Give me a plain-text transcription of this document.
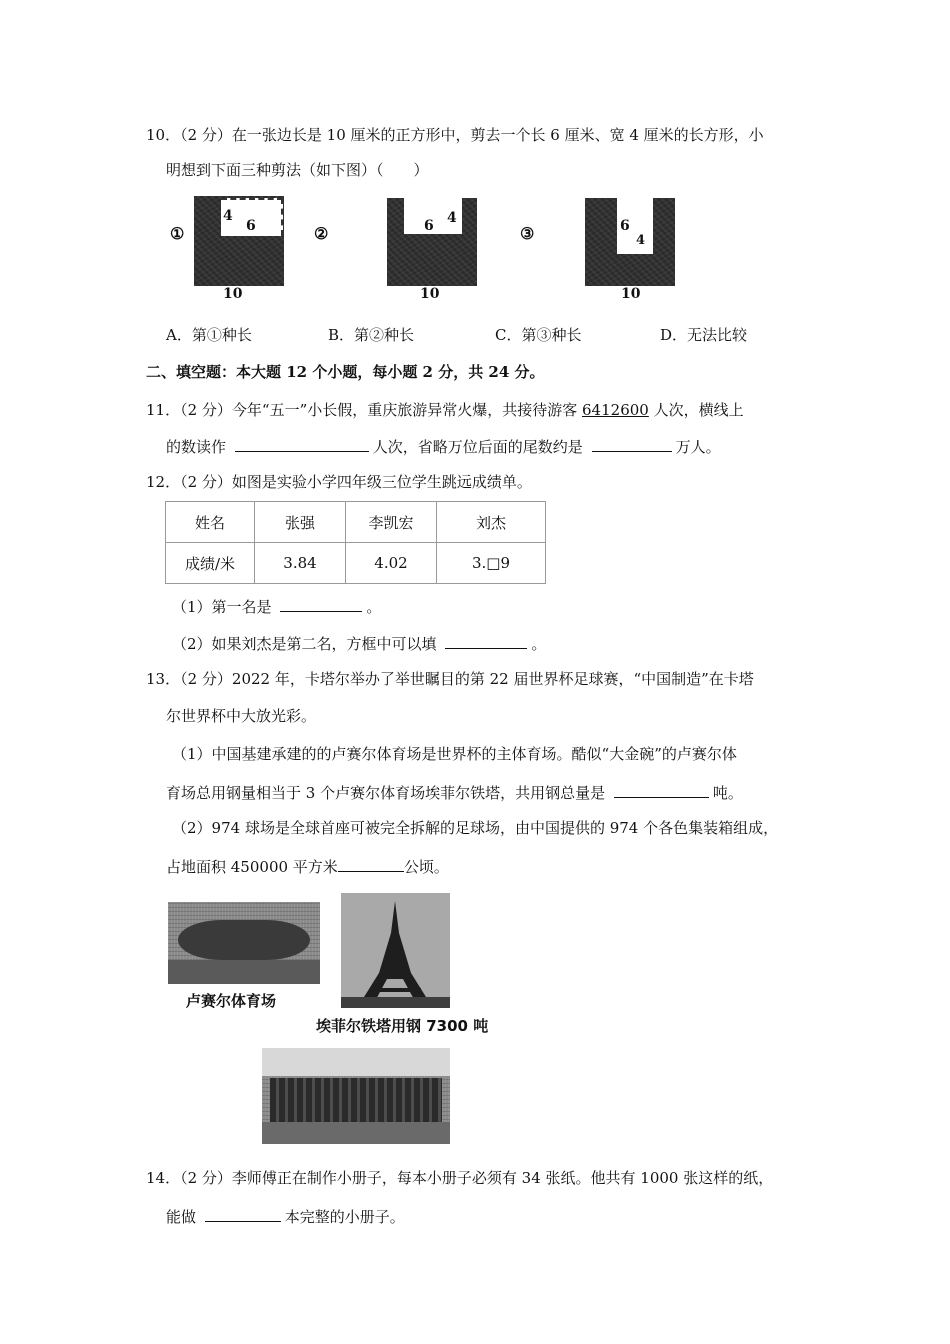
10．（2 分）在一张边长是 10 厘米的正方形中，剪去一个长 6 厘米、宽 4 厘米的长方形，小
明想到下面三种剪法（如下图）（　　）
①
4
6
10
②	6 4
10
③	6
4
10
A．第①种长	B．第②种长	C．第③种长	D．无法比较
二、填空题：本大题 12 个小题，每小题 2 分，共 24 分。
11．（2 分）今年“五一”小长假，重庆旅游异常火爆，共接待游客 6412600 人次，横线上
的数读作	人次，省略万位后面的尾数约是	万人。
12．（2 分）如图是实验小学四年级三位学生跳远成绩单。
姓名	张强	李凯宏	刘杰
成绩/米	3.84	4.02	3.□9
（1）第一名是	。
（2）如果刘杰是第二名，方框中可以填	。
13．（2 分）2022 年，卡塔尔举办了举世瞩目的第 22 届世界杯足球赛，“中国制造”在卡塔
尔世界杯中大放光彩。
（1）中国基建承建的的卢赛尔体育场是世界杯的主体育场。酷似“大金碗”的卢赛尔体
育场总用钢量相当于 3 个卢赛尔体育场埃菲尔铁塔，共用钢总量是	吨。
（2）974 球场是全球首座可被完全拆解的足球场，由中国提供的 974 个各色集装箱组成，
占地面积 450000 平方米	公顷。
卢赛尔体育场
埃菲尔铁塔用钢 7300 吨
14．（2 分）李师傅正在制作小册子，每本小册子必须有 34 张纸。他共有 1000 张这样的纸，
能做	本完整的小册子。
